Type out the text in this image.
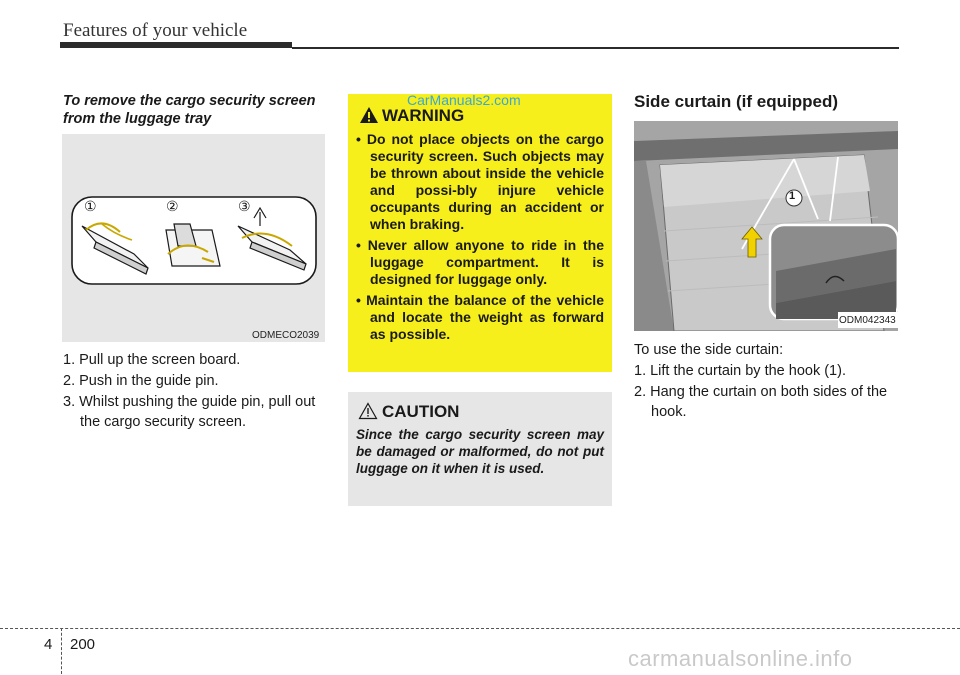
Features of your vehicle
To remove the cargo security screen from the luggage tray
①	②	③
ODMECO2039
1. Pull up the screen board.
2. Push in the guide pin.
3. Whilst pushing the guide pin, pull out the cargo security screen.
CarManuals2.com
WARNING
• Do not place objects on the cargo security screen. Such objects may be thrown about inside the vehicle and possi-bly injure vehicle occupants during an accident or when braking.
• Never allow anyone to ride in the luggage compartment. It is designed for luggage only.
• Maintain the balance of the vehicle and locate the weight as forward as possible.
CAUTION
Since the cargo security screen may be damaged or malformed, do not put luggage on it when it is used.
Side curtain (if equipped)
1
ODM042343
To use the side curtain:
1. Lift the curtain by the hook (1).
2. Hang the curtain on both sides of the hook.
4 200
carmanualsonline.info
